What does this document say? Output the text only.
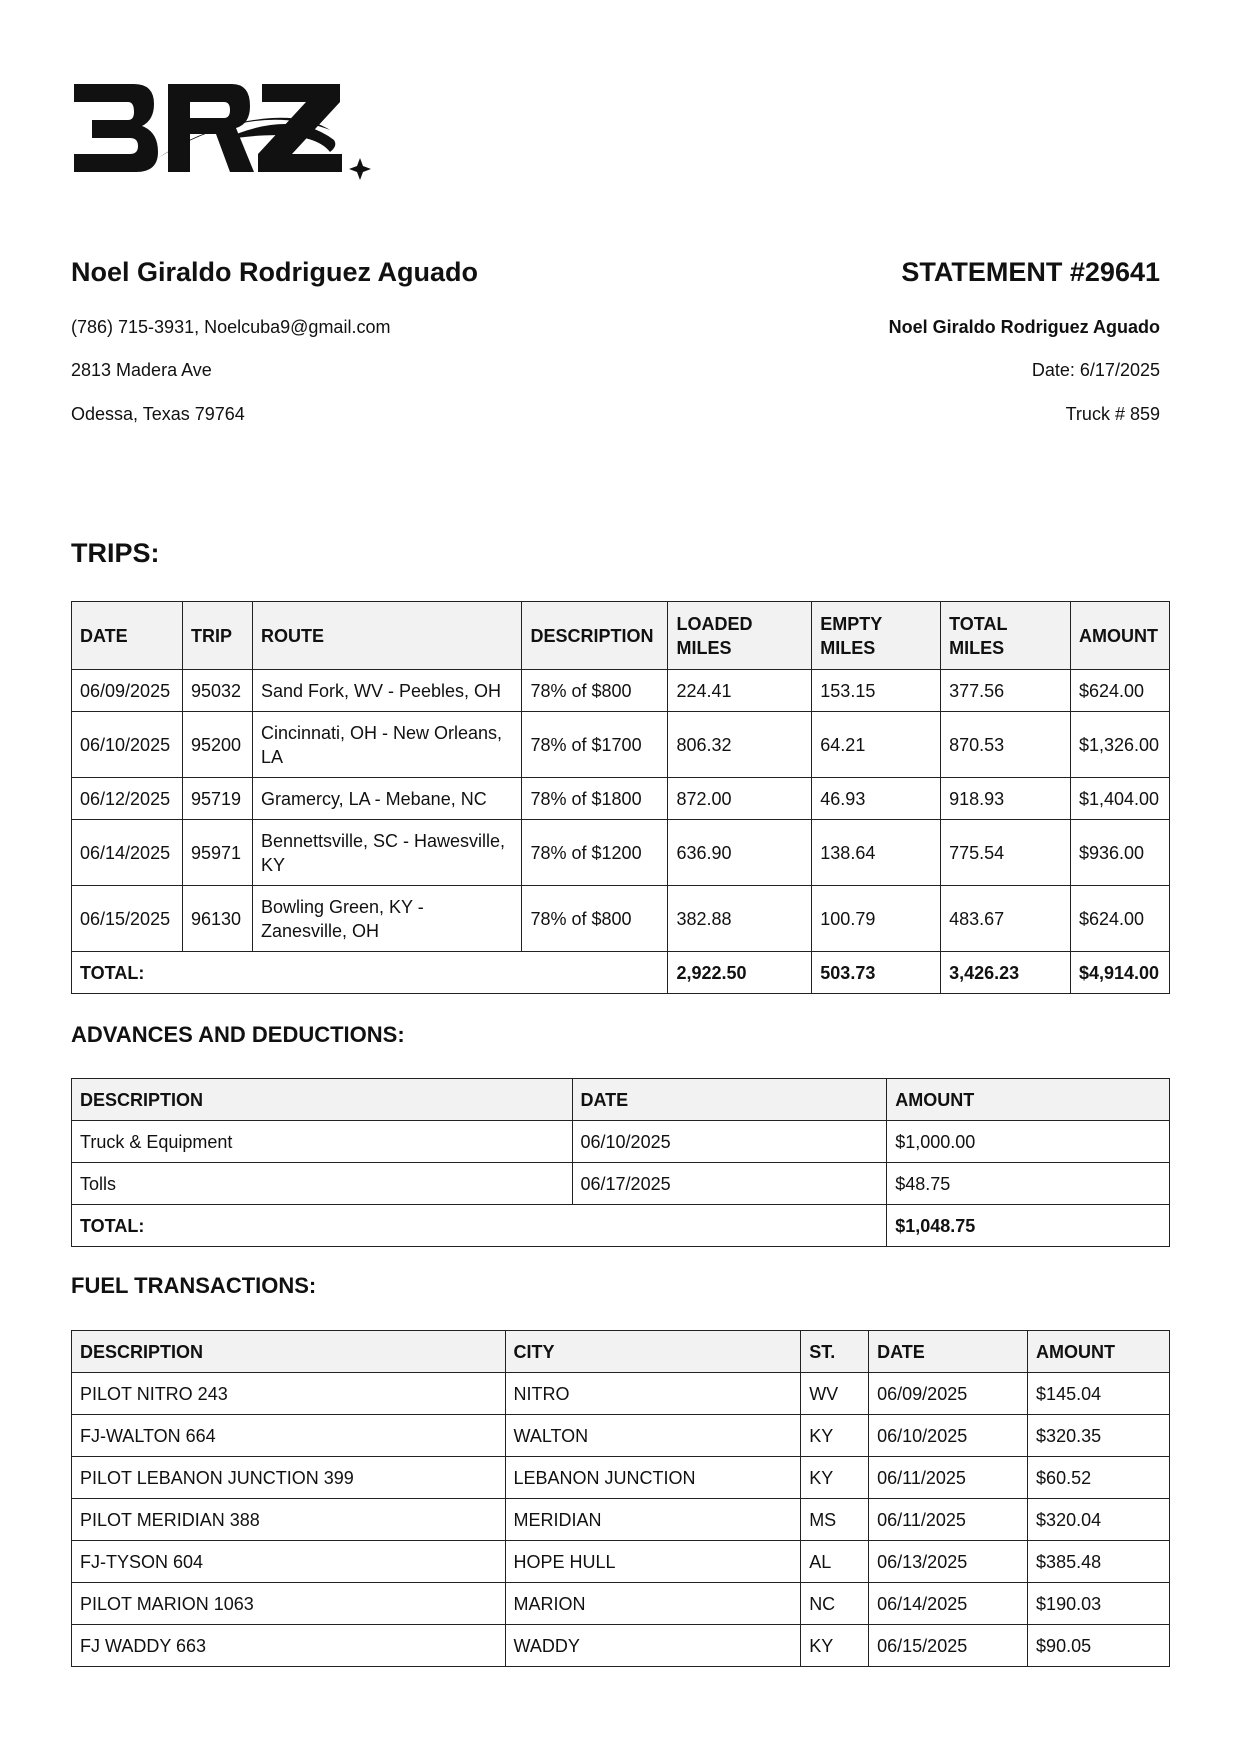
Noel Giraldo Rodriguez Aguado
(786) 715-3931, Noelcuba9@gmail.com
2813 Madera Ave
Odessa, Texas 79764
STATEMENT #29641
Noel Giraldo Rodriguez Aguado
Date: 6/17/2025
Truck # 859
TRIPS:
DATE	TRIP	ROUTE	DESCRIPTION	LOADED MILES	EMPTY MILES	TOTAL MILES	AMOUNT
06/09/2025	95032	Sand Fork, WV - Peebles, OH	78% of $800	224.41	153.15	377.56	$624.00
06/10/2025	95200	Cincinnati, OH - New Orleans, LA	78% of $1700	806.32	64.21	870.53	$1,326.00
06/12/2025	95719	Gramercy, LA - Mebane, NC	78% of $1800	872.00	46.93	918.93	$1,404.00
06/14/2025	95971	Bennettsville, SC - Hawesville, KY	78% of $1200	636.90	138.64	775.54	$936.00
06/15/2025	96130	Bowling Green, KY - Zanesville, OH	78% of $800	382.88	100.79	483.67	$624.00
TOTAL:				2,922.50	503.73	3,426.23	$4,914.00
ADVANCES AND DEDUCTIONS:
DESCRIPTION	DATE	AMOUNT
Truck & Equipment	06/10/2025	$1,000.00
Tolls	06/17/2025	$48.75
TOTAL:		$1,048.75
FUEL TRANSACTIONS:
DESCRIPTION	CITY	ST.	DATE	AMOUNT
PILOT NITRO 243	NITRO	WV	06/09/2025	$145.04
FJ-WALTON 664	WALTON	KY	06/10/2025	$320.35
PILOT LEBANON JUNCTION 399	LEBANON JUNCTION	KY	06/11/2025	$60.52
PILOT MERIDIAN 388	MERIDIAN	MS	06/11/2025	$320.04
FJ-TYSON 604	HOPE HULL	AL	06/13/2025	$385.48
PILOT MARION 1063	MARION	NC	06/14/2025	$190.03
FJ WADDY 663	WADDY	KY	06/15/2025	$90.05
